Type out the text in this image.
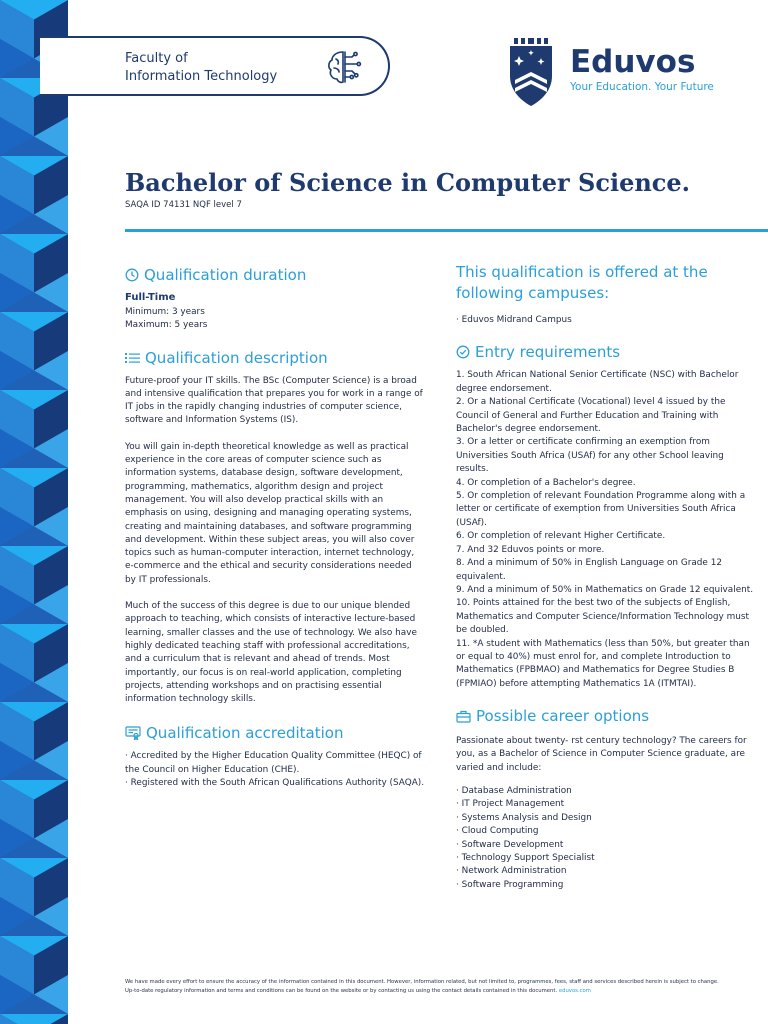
Faculty of
Information Technology	Eduvos
Your Education. Your Future
Bachelor of Science in Computer Science.
SAQA ID 74131 NQF level 7
Qualification duration
Full-Time

Minimum: 3 years

Maximum: 5 years

Qualification description

Future-proof your IT skills. The BSc (Computer Science) is a broad and intensive qualification that prepares you for work in a range of IT jobs in the rapidly changing industries of computer science, software and Information Systems (IS).

You will gain in-depth theoretical knowledge as well as practical experience in the core areas of computer science such as information systems, database design, software development, programming, mathematics, algorithm design and project management. You will also develop practical skills with an emphasis on using, designing and managing operating systems, creating and maintaining databases, and software programming and development. Within these subject areas, you will also cover topics such as human-computer interaction, internet technology, e-commerce and the ethical and security considerations needed by IT professionals.

Much of the success of this degree is due to our unique blended approach to teaching, which consists of interactive lecture-based learning, smaller classes and the use of technology. We also have highly dedicated teaching staff with professional accreditations, and a curriculum that is relevant and ahead of trends. Most importantly, our focus is on real-world application, completing projects, attending workshops and on practising essential information technology skills.

Qualification accreditation
· Accredited by the Higher Education Quality Committee (HEQC) of the Council on Higher Education (CHE).
· Registered with the South African Qualifications Authority (SAQA).

This qualification is offered at the following campuses:

· Eduvos Midrand Campus
Entry requirements
1. South African National Senior Certificate (NSC) with Bachelor degree endorsement.
2. Or a National Certificate (Vocational) level 4 issued by the Council of General and Further Education and Training with Bachelor's degree endorsement.
3. Or a letter or certificate confirming an exemption from Universities South Africa (USAf) for any other School leaving results.
4. Or completion of a Bachelor's degree.
5. Or completion of relevant Foundation Programme along with a letter or certificate of exemption from Universities South Africa (USAf).
6. Or completion of relevant Higher Certificate.
7. And 32 Eduvos points or more.
8. And a minimum of 50% in English Language on Grade 12 equivalent.
9. And a minimum of 50% in Mathematics on Grade 12 equivalent.
10. Points attained for the best two of the subjects of English, Mathematics and Computer Science/Information Technology must be doubled.
11. *A student with Mathematics (less than 50%, but greater than or equal to 40%) must enrol for, and complete Introduction to Mathematics (FPBMAO) and Mathematics for Degree Studies B (FPMIAO) before attempting Mathematics 1A (ITMTAI).
Possible career options

Passionate about twenty- rst century technology? The careers for you, as a Bachelor of Science in Computer Science graduate, are varied and include:

· Database Administration
· IT Project Management
· Systems Analysis and Design
· Cloud Computing
· Software Development
· Technology Support Specialist
· Network Administration
· Software Programming
We have made every effort to ensure the accuracy of the information contained in this document. However, information related, but not limited to, programmes, fees, staff and services described herein is subject to change. Up-to-date regulatory information and terms and conditions can be found on the website or by contacting us using the contact details contained in this document. eduvos.com
